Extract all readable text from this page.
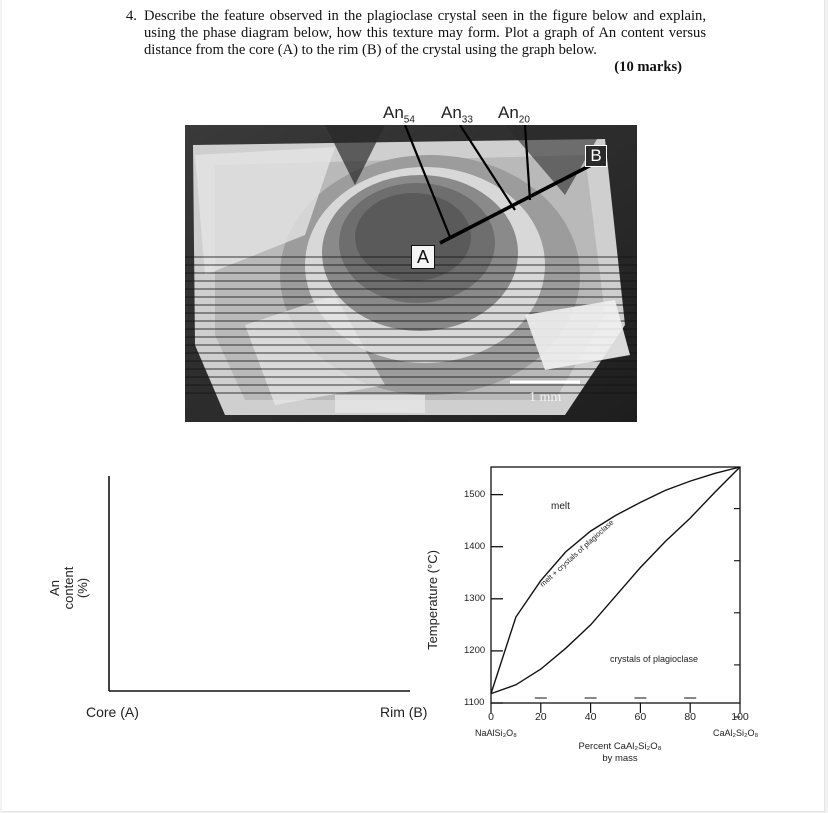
4. Describe the feature observed in the plagioclase crystal seen in the figure below and explain, using the phase diagram below, how this texture may form. Plot a graph of An content versus distance from the core (A) to the rim (B) of the crystal using the graph below.
(10 marks)
$An_{54}$ $An_{33}$ $An_{20}$
A
B
1 mm
An content (%)
Core (A)	Rim (B)
Temperature (°C)
1100
1200
1300
1400
1500
0	20	40	60	80	100
melt
melt + crystals of plagioclase
crystals of plagioclase
NaAlSi₃O₈	CaAl₂Si₂O₈
Percent CaAl₂Si₂O₈
by mass
